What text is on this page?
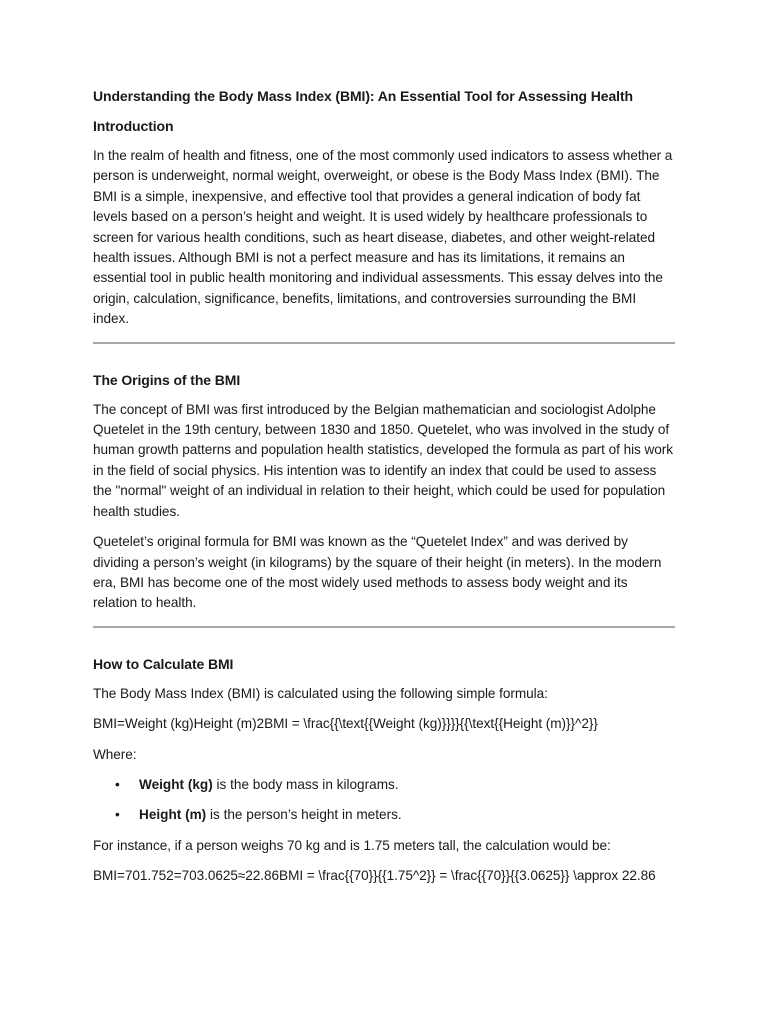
Understanding the Body Mass Index (BMI): An Essential Tool for Assessing Health
Introduction

In the realm of health and fitness, one of the most commonly used indicators to assess whether a person is underweight, normal weight, overweight, or obese is the Body Mass Index (BMI). The BMI is a simple, inexpensive, and effective tool that provides a general indication of body fat levels based on a person’s height and weight. It is used widely by healthcare professionals to screen for various health conditions, such as heart disease, diabetes, and other weight-related health issues. Although BMI is not a perfect measure and has its limitations, it remains an essential tool in public health monitoring and individual assessments. This essay delves into the origin, calculation, significance, benefits, limitations, and controversies surrounding the BMI index.

The Origins of the BMI

The concept of BMI was first introduced by the Belgian mathematician and sociologist Adolphe Quetelet in the 19th century, between 1830 and 1850. Quetelet, who was involved in the study of human growth patterns and population health statistics, developed the formula as part of his work in the field of social physics. His intention was to identify an index that could be used to assess the "normal" weight of an individual in relation to their height, which could be used for population health studies.

Quetelet’s original formula for BMI was known as the “Quetelet Index” and was derived by dividing a person’s weight (in kilograms) by the square of their height (in meters). In the modern era, BMI has become one of the most widely used methods to assess body weight and its relation to health.

How to Calculate BMI

The Body Mass Index (BMI) is calculated using the following simple formula:

BMI=Weight (kg)Height (m)2BMI = \frac{{\text{{Weight (kg)}}}}{{\text{{Height (m)}}^2}}

Where:

• Weight (kg) is the body mass in kilograms.
• Height (m) is the person’s height in meters.

For instance, if a person weighs 70 kg and is 1.75 meters tall, the calculation would be:

BMI=701.752=703.0625≈22.86BMI = \frac{{70}}{{1.75^2}} = \frac{{70}}{{3.0625}} \approx 22.86
